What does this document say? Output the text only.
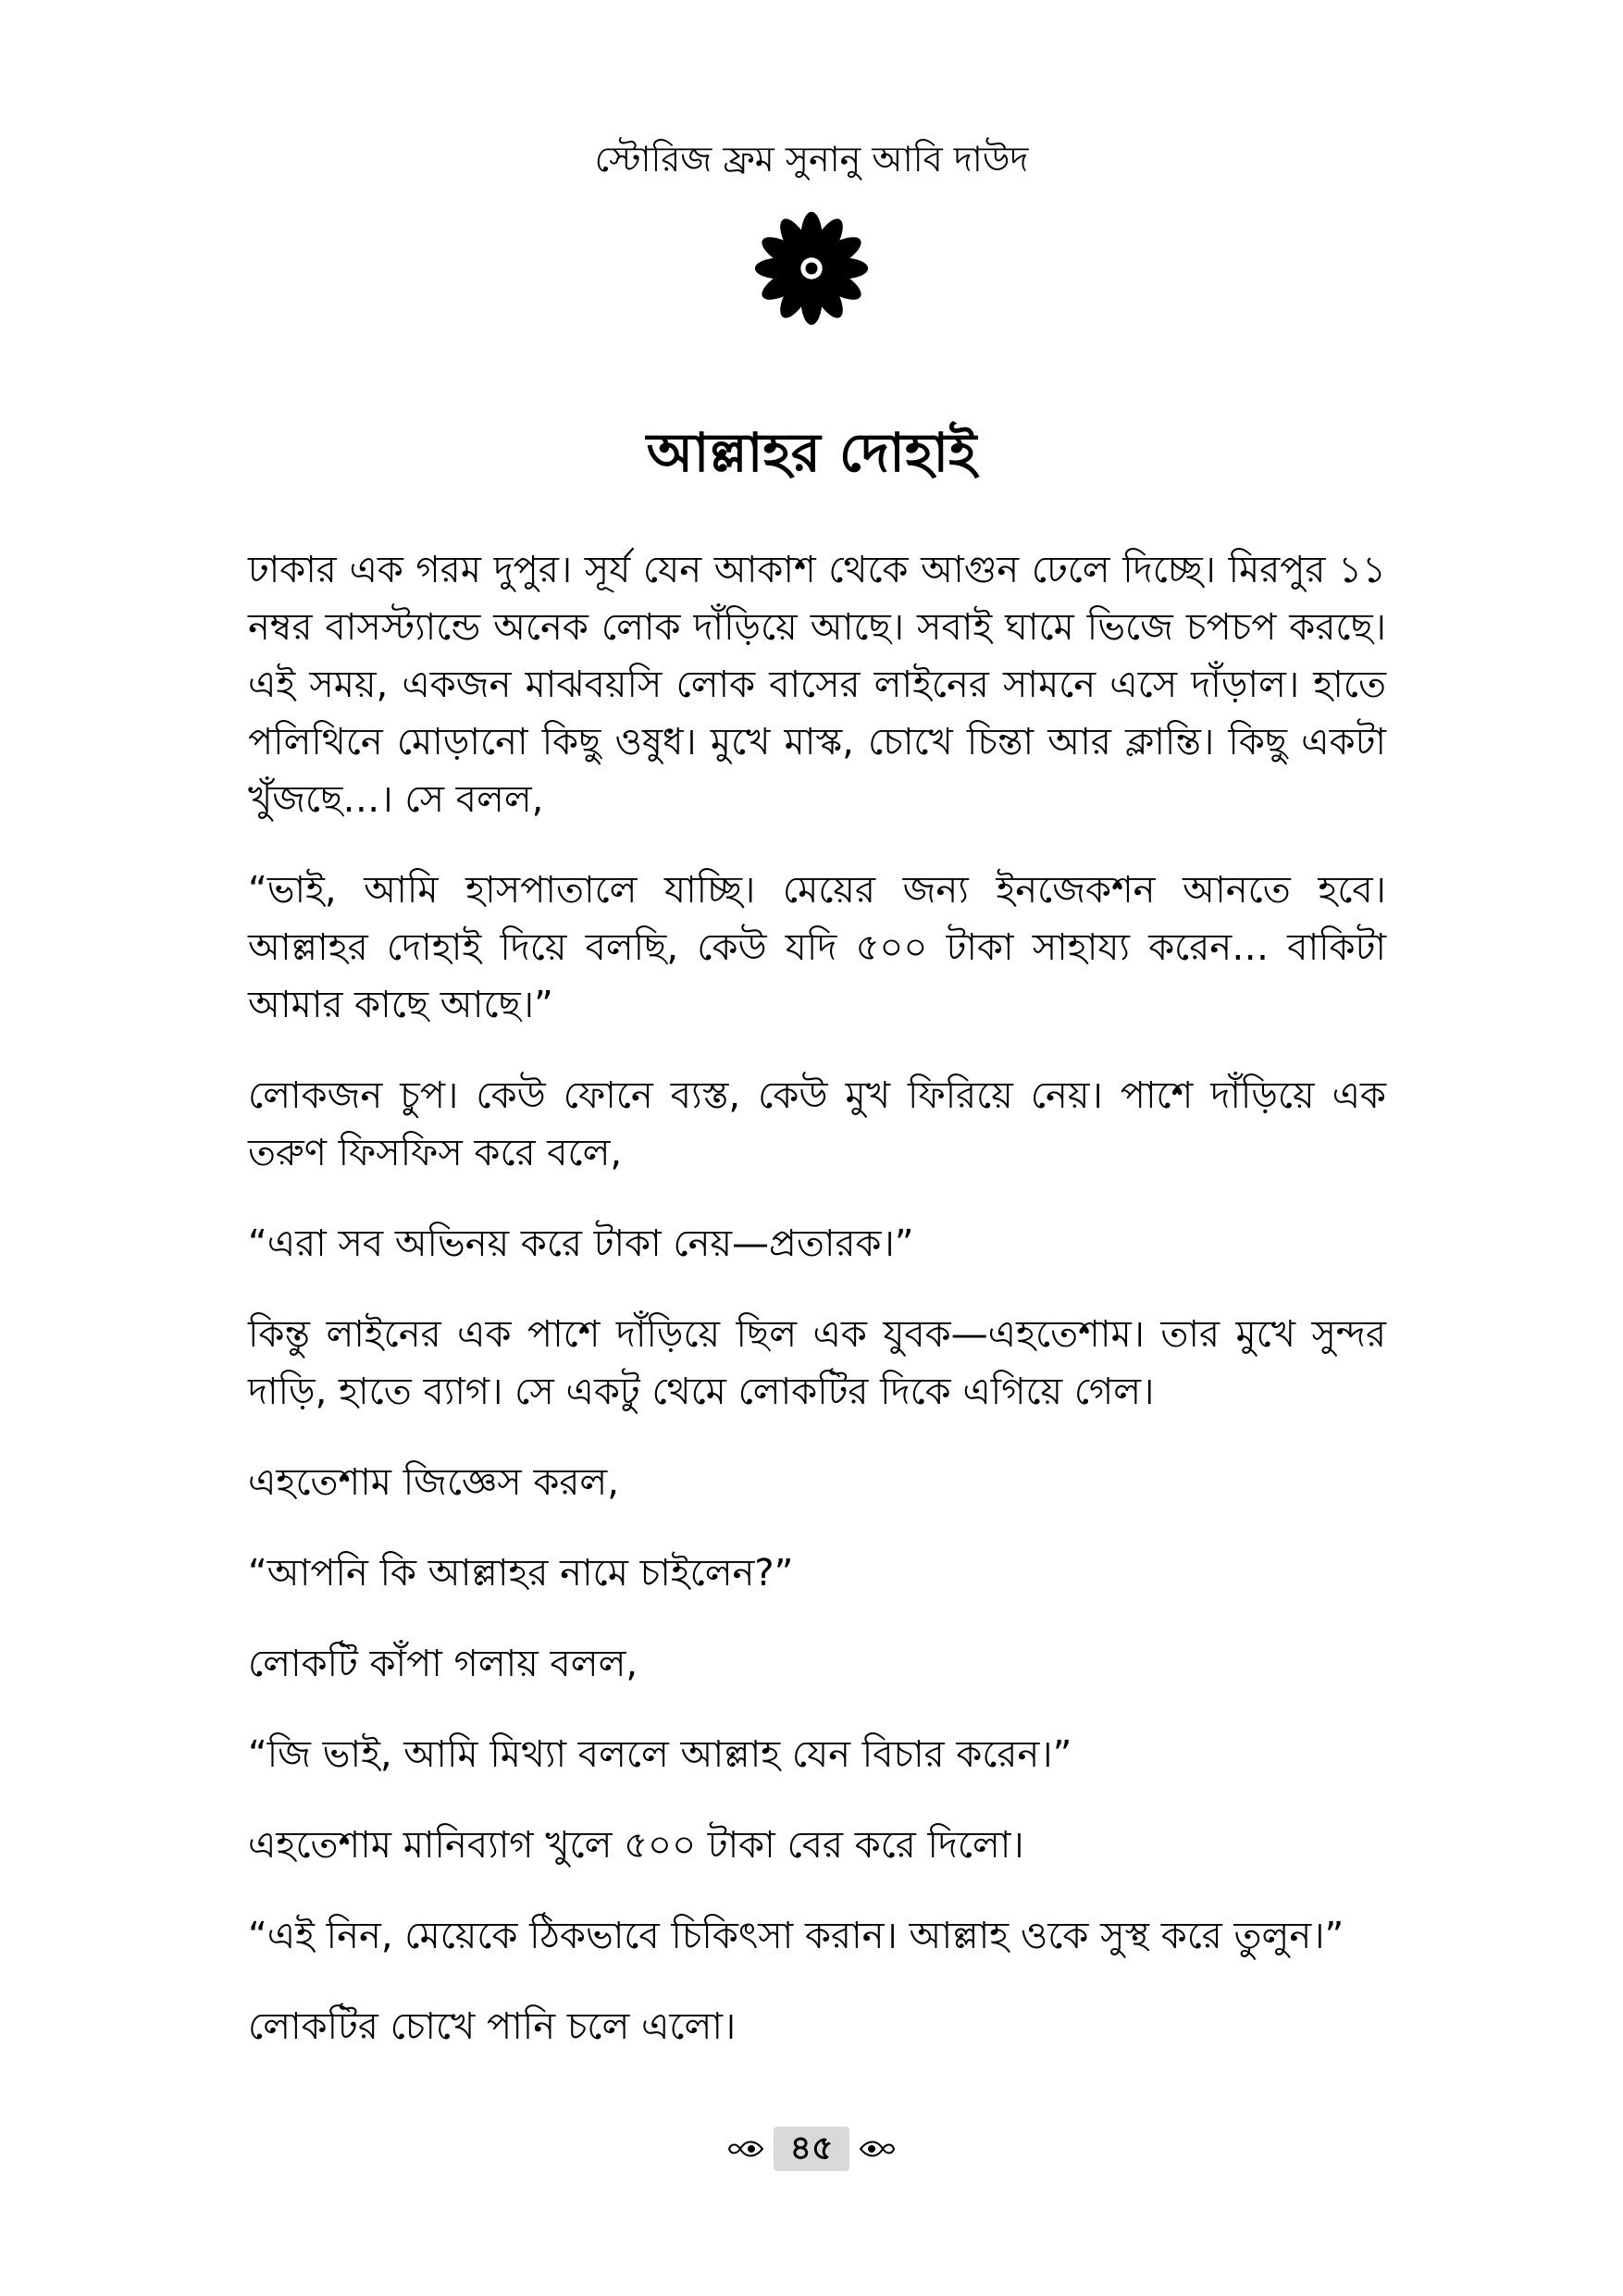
স্টোরিজ ফ্রম সুনানু আবি দাউদ
আল্লাহর দোহাই

ঢাকার এক গরম দুপুর। সূর্য যেন আকাশ থেকে আগুন ঢেলে দিচ্ছে। মিরপুর ১১ নম্বর বাসস্ট্যান্ডে অনেক লোক দাঁড়িয়ে আছে। সবাই ঘামে ভিজে চপচপ করছে। এই সময়, একজন মাঝবয়সি লোক বাসের লাইনের সামনে এসে দাঁড়াল। হাতে পলিথিনে মোড়ানো কিছু ওষুধ। মুখে মাস্ক, চোখে চিন্তা আর ক্লান্তি। কিছু একটা খুঁজছে…। সে বলল,

“ভাই, আমি হাসপাতালে যাচ্ছি। মেয়ের জন্য ইনজেকশন আনতে হবে। আল্লাহর দোহাই দিয়ে বলছি, কেউ যদি ৫০০ টাকা সাহায্য করেন… বাকিটা আমার কাছে আছে।”

লোকজন চুপ। কেউ ফোনে ব্যস্ত, কেউ মুখ ফিরিয়ে নেয়। পাশে দাঁড়িয়ে এক তরুণ ফিসফিস করে বলে,

“এরা সব অভিনয় করে টাকা নেয়—প্রতারক।”

কিন্তু লাইনের এক পাশে দাঁড়িয়ে ছিল এক যুবক—এহতেশাম। তার মুখে সুন্দর দাড়ি, হাতে ব্যাগ। সে একটু থেমে লোকটির দিকে এগিয়ে গেল।

এহতেশাম জিজ্ঞেস করল,

“আপনি কি আল্লাহর নামে চাইলেন?”

লোকটি কাঁপা গলায় বলল,

“জি ভাই, আমি মিথ্যা বললে আল্লাহ যেন বিচার করেন।”

এহতেশাম মানিব্যাগ খুলে ৫০০ টাকা বের করে দিলো।

“এই নিন, মেয়েকে ঠিকভাবে চিকিৎসা করান। আল্লাহ ওকে সুস্থ করে তুলুন।”

লোকটির চোখে পানি চলে এলো।

৪৫
